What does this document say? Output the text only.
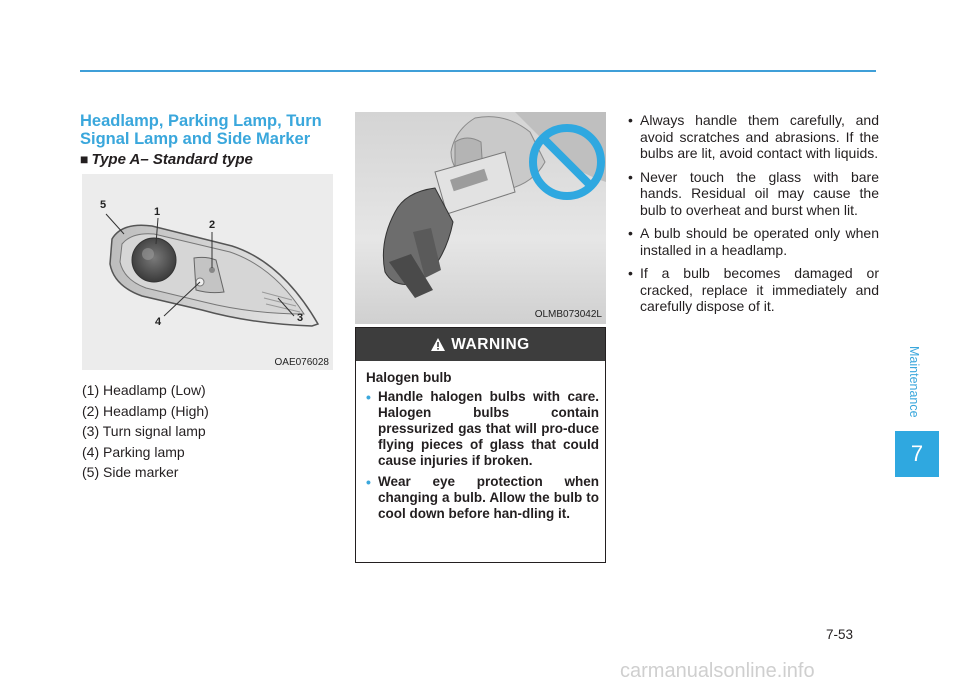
Headlamp, Parking Lamp, Turn Signal Lamp and Side Marker
■ Type A– Standard type
5
1
2
4	3
OAE076028
(1) Headlamp (Low)
(2) Headlamp (High)
(3) Turn signal lamp
(4) Parking lamp
(5) Side marker
OLMB073042L
WARNING
Halogen bulb
• Handle halogen bulbs with care. Halogen bulbs contain pressurized gas that will pro-duce flying pieces of glass that could cause injuries if broken.
• Wear eye protection when changing a bulb. Allow the bulb to cool down before han-dling it.
• Always handle them carefully, and avoid scratches and abrasions. If the bulbs are lit, avoid contact with liquids.
• Never touch the glass with bare hands. Residual oil may cause the bulb to overheat and burst when lit.
• A bulb should be operated only when installed in a headlamp.
• If a bulb becomes damaged or cracked, replace it immediately and carefully dispose of it.
Maintenance
7
7-53
carmanualsonline.info
